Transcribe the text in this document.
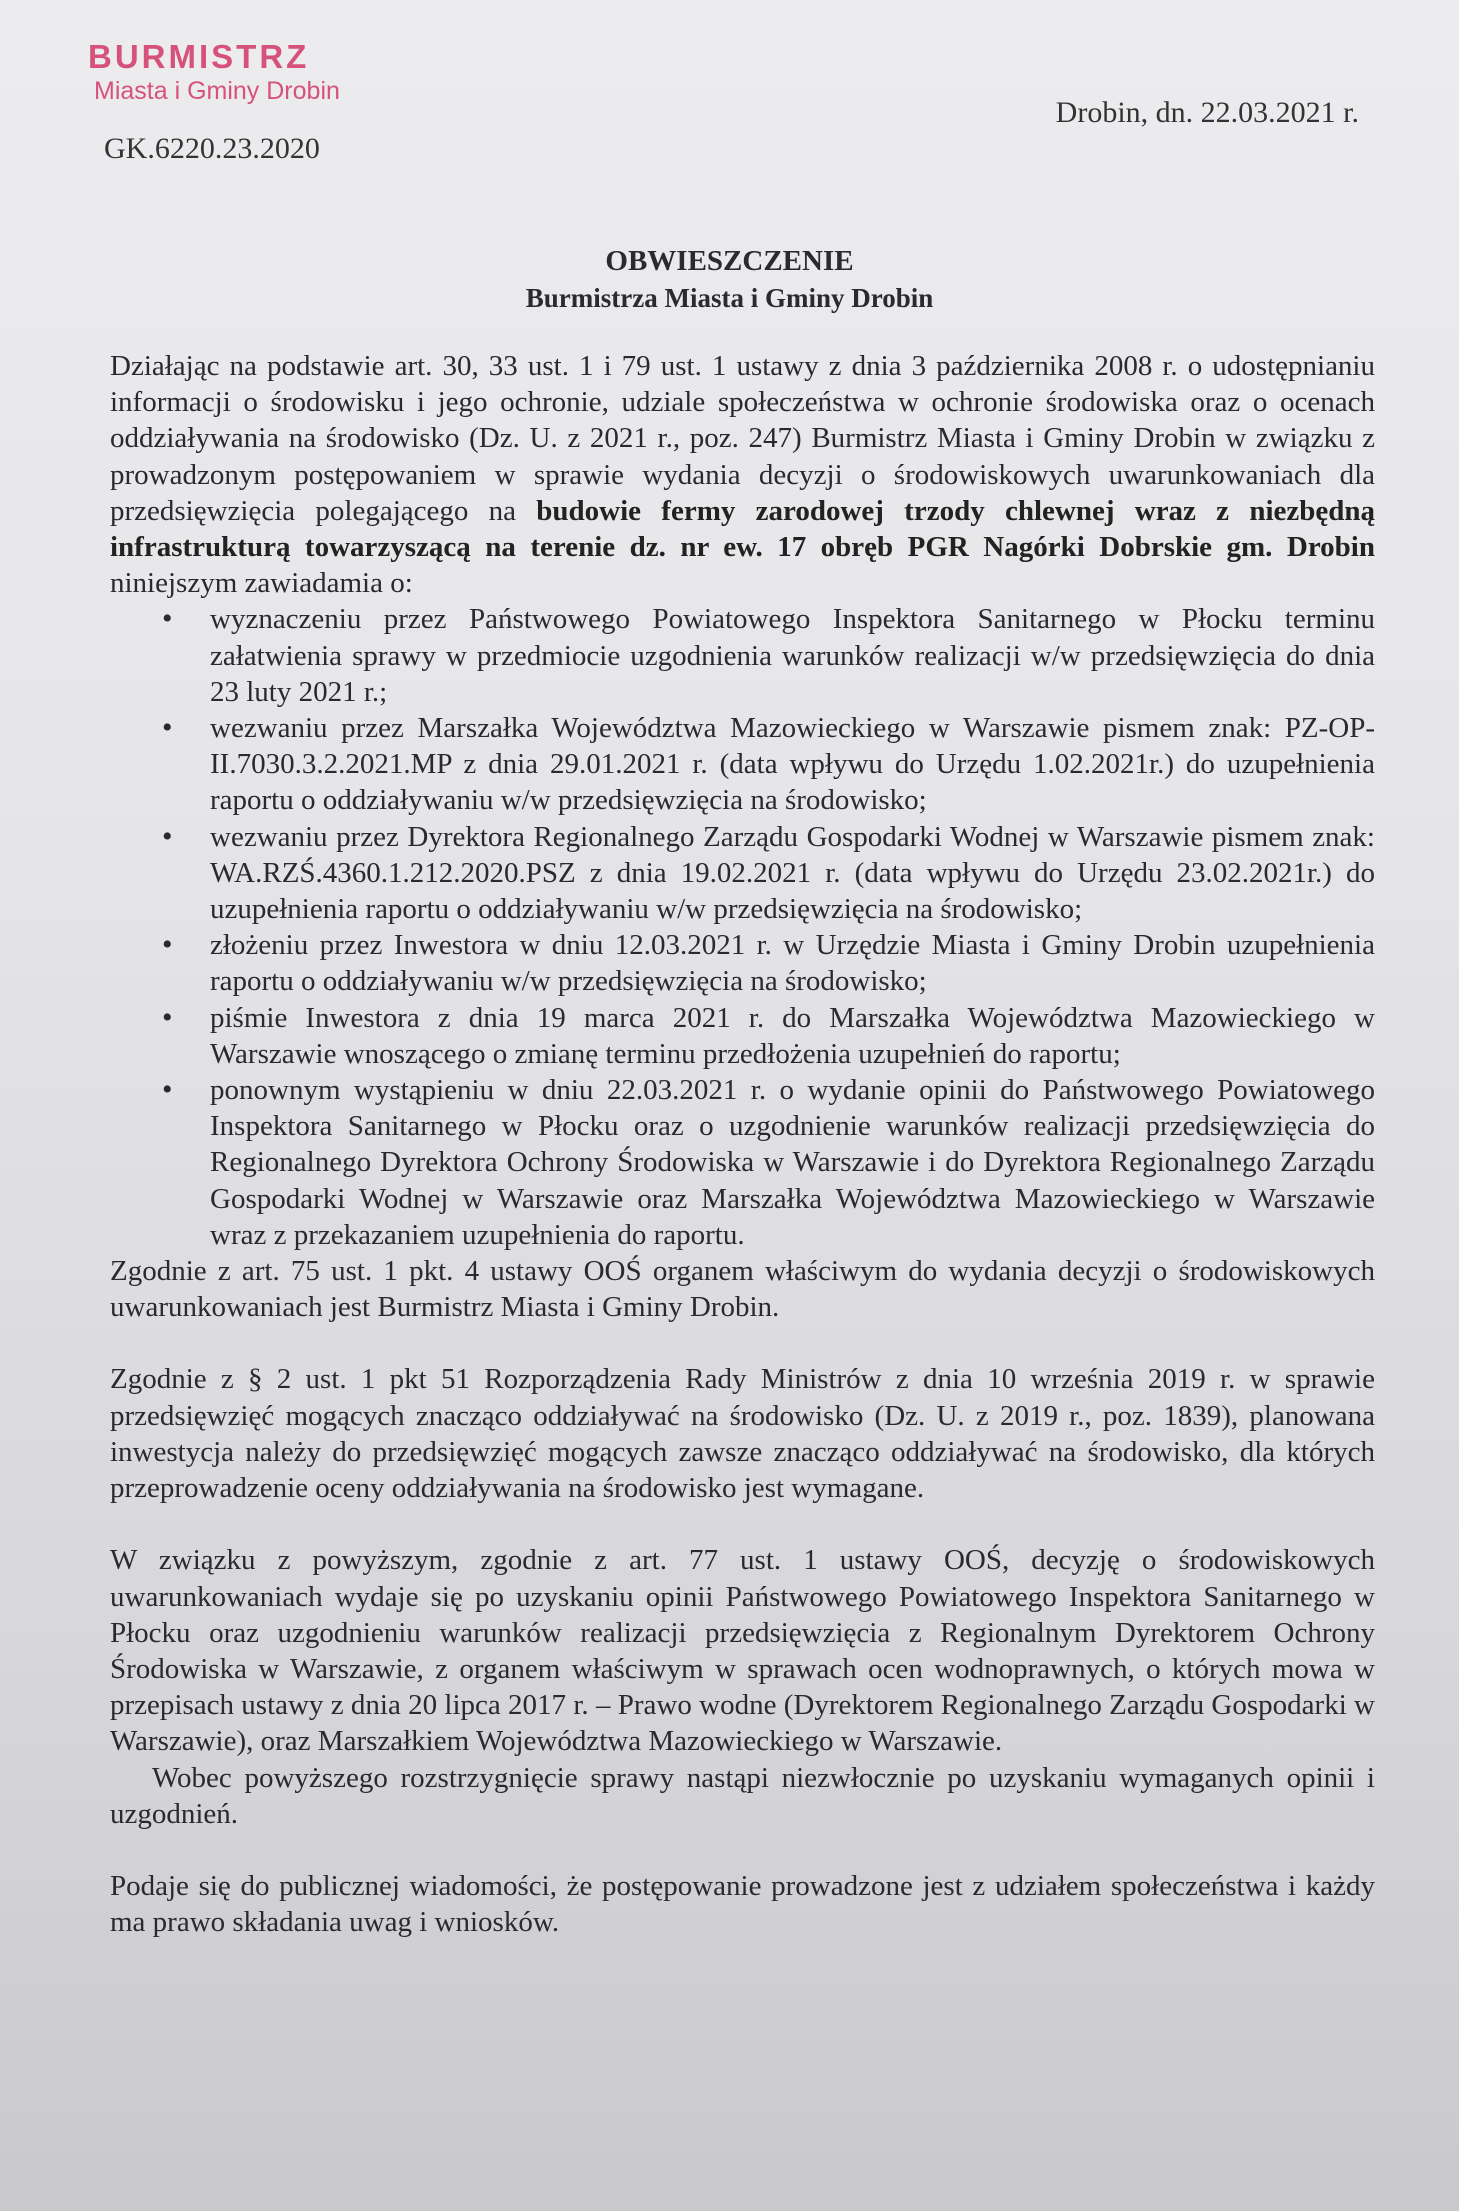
BURMISTRZ
Miasta i Gminy Drobin
GK.6220.23.2020
Drobin, dn. 22.03.2021 r.
OBWIESZCZENIE
Burmistrza Miasta i Gminy Drobin

Działając na podstawie art. 30, 33 ust. 1 i 79 ust. 1 ustawy z dnia 3 października 2008 r. o udostępnianiu informacji o środowisku i jego ochronie, udziale społeczeństwa w ochronie środowiska oraz o ocenach oddziaływania na środowisko (Dz. U. z 2021 r., poz. 247) Burmistrz Miasta i Gminy Drobin w związku z prowadzonym postępowaniem w sprawie wydania decyzji o środowiskowych uwarunkowaniach dla przedsięwzięcia polegającego na budowie fermy zarodowej trzody chlewnej wraz z niezbędną infrastrukturą towarzyszącą na terenie dz. nr ew. 17 obręb PGR Nagórki Dobrskie gm. Drobin niniejszym zawiadamia o:

• wyznaczeniu przez Państwowego Powiatowego Inspektora Sanitarnego w Płocku terminu załatwienia sprawy w przedmiocie uzgodnienia warunków realizacji w/w przedsięwzięcia do dnia 23 luty 2021 r.;
• wezwaniu przez Marszałka Województwa Mazowieckiego w Warszawie pismem znak: PZ-OP-II.7030.3.2.2021.MP z dnia 29.01.2021 r. (data wpływu do Urzędu 1.02.2021r.) do uzupełnienia raportu o oddziaływaniu w/w przedsięwzięcia na środowisko;
• wezwaniu przez Dyrektora Regionalnego Zarządu Gospodarki Wodnej w Warszawie pismem znak: WA.RZŚ.4360.1.212.2020.PSZ z dnia 19.02.2021 r. (data wpływu do Urzędu 23.02.2021r.) do uzupełnienia raportu o oddziaływaniu w/w przedsięwzięcia na środowisko;
• złożeniu przez Inwestora w dniu 12.03.2021 r. w Urzędzie Miasta i Gminy Drobin uzupełnienia raportu o oddziaływaniu w/w przedsięwzięcia na środowisko;
• piśmie Inwestora z dnia 19 marca 2021 r. do Marszałka Województwa Mazowieckiego w Warszawie wnoszącego o zmianę terminu przedłożenia uzupełnień do raportu;
• ponownym wystąpieniu w dniu 22.03.2021 r. o wydanie opinii do Państwowego Powiatowego Inspektora Sanitarnego w Płocku oraz o uzgodnienie warunków realizacji przedsięwzięcia do Regionalnego Dyrektora Ochrony Środowiska w Warszawie i do Dyrektora Regionalnego Zarządu Gospodarki Wodnej w Warszawie oraz Marszałka Województwa Mazowieckiego w Warszawie wraz z przekazaniem uzupełnienia do raportu.

Zgodnie z art. 75 ust. 1 pkt. 4 ustawy OOŚ organem właściwym do wydania decyzji o środowiskowych uwarunkowaniach jest Burmistrz Miasta i Gminy Drobin.

Zgodnie z § 2 ust. 1 pkt 51 Rozporządzenia Rady Ministrów z dnia 10 września 2019 r. w sprawie przedsięwzięć mogących znacząco oddziaływać na środowisko (Dz. U. z 2019 r., poz. 1839), planowana inwestycja należy do przedsięwzięć mogących zawsze znacząco oddziaływać na środowisko, dla których przeprowadzenie oceny oddziaływania na środowisko jest wymagane.

W związku z powyższym, zgodnie z art. 77 ust. 1 ustawy OOŚ, decyzję o środowiskowych uwarunkowaniach wydaje się po uzyskaniu opinii Państwowego Powiatowego Inspektora Sanitarnego w Płocku oraz uzgodnieniu warunków realizacji przedsięwzięcia z Regionalnym Dyrektorem Ochrony Środowiska w Warszawie, z organem właściwym w sprawach ocen wodnoprawnych, o których mowa w przepisach ustawy z dnia 20 lipca 2017 r. – Prawo wodne (Dyrektorem Regionalnego Zarządu Gospodarki w Warszawie), oraz Marszałkiem Województwa Mazowieckiego w Warszawie.

Wobec powyższego rozstrzygnięcie sprawy nastąpi niezwłocznie po uzyskaniu wymaganych opinii i uzgodnień.

Podaje się do publicznej wiadomości, że postępowanie prowadzone jest z udziałem społeczeństwa i każdy ma prawo składania uwag i wniosków.
